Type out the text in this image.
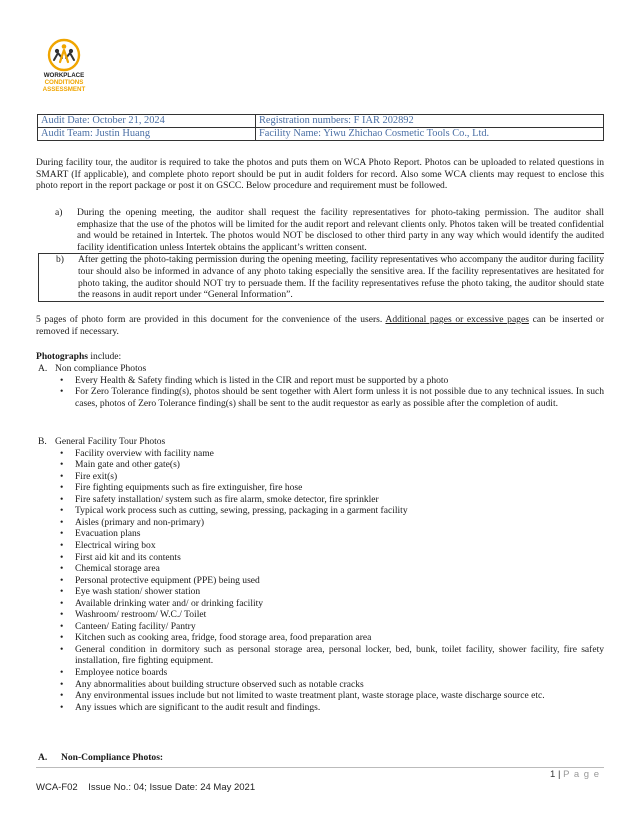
WORKPLACE
CONDITIONS
ASSESSMENT
Audit Date: October 21, 2024	Registration numbers: F IAR 202892
Audit Team: Justin Huang	Facility Name: Yiwu Zhichao Cosmetic Tools Co., Ltd.
During facility tour, the auditor is required to take the photos and puts them on WCA Photo Report. Photos can be uploaded to related questions in SMART (If applicable), and complete photo report should be put in audit folders for record. Also some WCA clients may request to enclose this photo report in the report package or post it on GSCC. Below procedure and requirement must be followed.
a) During the opening meeting, the auditor shall request the facility representatives for photo-taking permission. The auditor shall emphasize that the use of the photos will be limited for the audit report and relevant clients only. Photos taken will be treated confidential and would be retained in Intertek. The photos would NOT be disclosed to other third party in any way which would identify the audited facility identification unless Intertek obtains the applicant’s written consent.
b) After getting the photo-taking permission during the opening meeting, facility representatives who accompany the auditor during facility tour should also be informed in advance of any photo taking especially the sensitive area. If the facility representatives are hesitated for photo taking, the auditor should NOT try to persuade them. If the facility representatives refuse the photo taking, the auditor should state the reasons in audit report under “General Information”.
5 pages of photo form are provided in this document for the convenience of the users. Additional pages or excessive pages can be inserted or removed if necessary.
Photographs include:
A. Non compliance Photos
• Every Health & Safety finding which is listed in the CIR and report must be supported by a photo
• For Zero Tolerance finding(s), photos should be sent together with Alert form unless it is not possible due to any technical issues. In such cases, photos of Zero Tolerance finding(s) shall be sent to the audit requestor as early as possible after the completion of audit.
B. General Facility Tour Photos
• Facility overview with facility name
• Main gate and other gate(s)
• Fire exit(s)
• Fire fighting equipments such as fire extinguisher, fire hose
• Fire safety installation/ system such as fire alarm, smoke detector, fire sprinkler
• Typical work process such as cutting, sewing, pressing, packaging in a garment facility
• Aisles (primary and non-primary)
• Evacuation plans
• Electrical wiring box
• First aid kit and its contents
• Chemical storage area
• Personal protective equipment (PPE) being used
• Eye wash station/ shower station
• Available drinking water and/ or drinking facility
• Washroom/ restroom/ W.C./ Toilet
• Canteen/ Eating facility/ Pantry
• Kitchen such as cooking area, fridge, food storage area, food preparation area
• General condition in dormitory such as personal storage area, personal locker, bed, bunk, toilet facility, shower facility, fire safety installation, fire fighting equipment.
• Employee notice boards
• Any abnormalities about building structure observed such as notable cracks
• Any environmental issues include but not limited to waste treatment plant, waste storage place, waste discharge source etc.
• Any issues which are significant to the audit result and findings.
A. Non-Compliance Photos:
1 | P a g e
WCA-F02    Issue No.: 04; Issue Date: 24 May 2021
